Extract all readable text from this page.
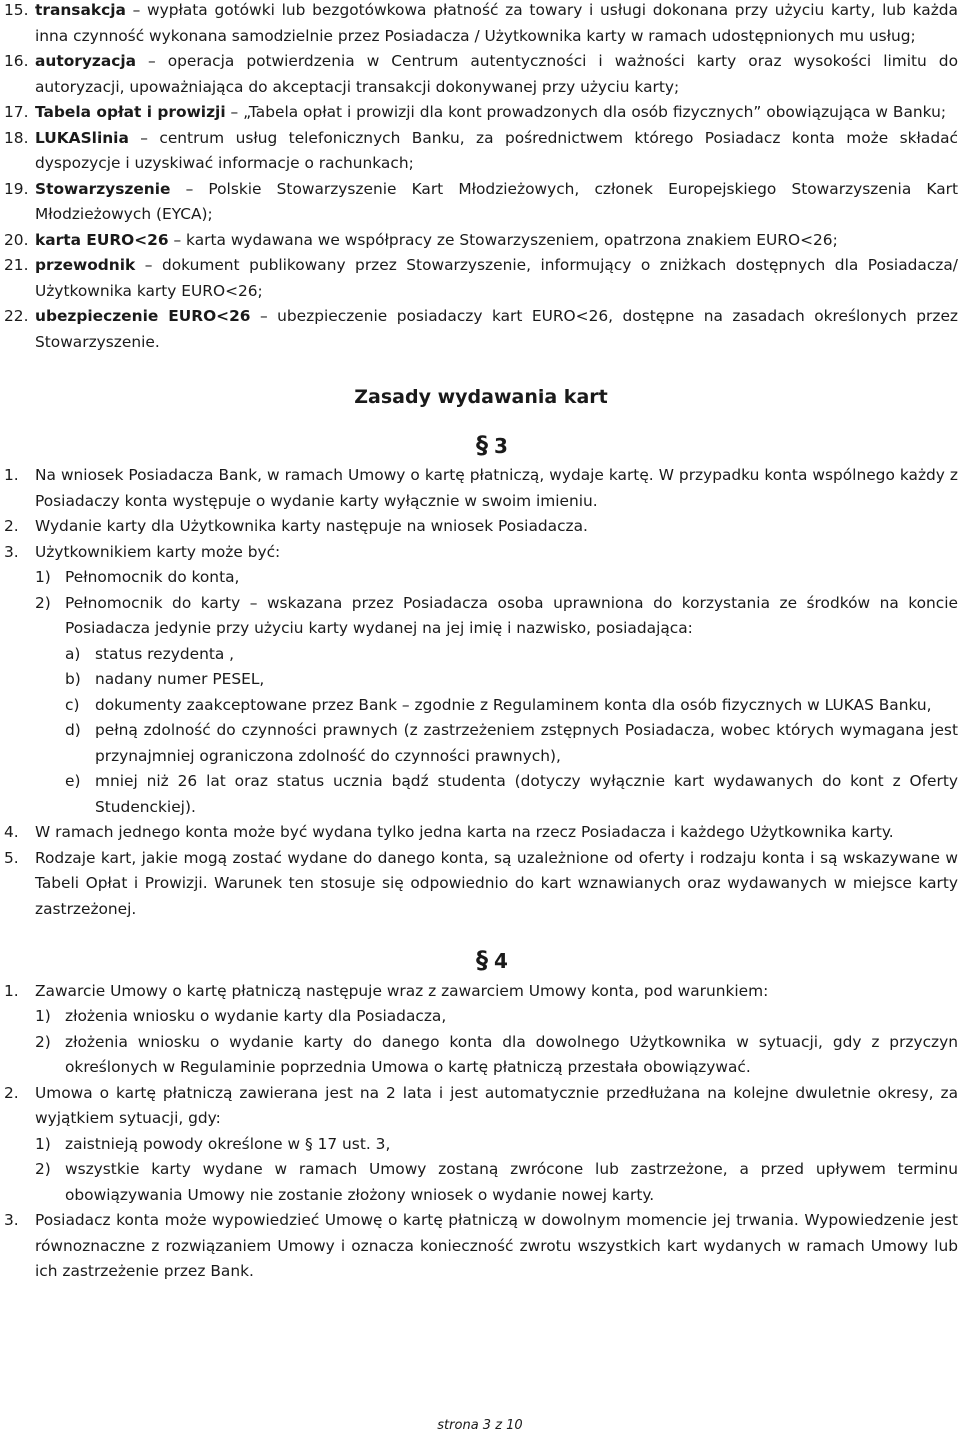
15. transakcja – wypłata gotówki lub bezgotówkowa płatność za towary i usługi dokonana przy użyciu karty, lub każda inna czynność wykonana samodzielnie przez Posiadacza / Użytkownika karty w ramach udostępnionych mu usług;
16. autoryzacja – operacja potwierdzenia w Centrum autentyczności i ważności karty oraz wysokości limitu do autoryzacji, upoważniająca do akceptacji transakcji dokonywanej przy użyciu karty;
17. Tabela opłat i prowizji – „Tabela opłat i prowizji dla kont prowadzonych dla osób fizycznych” obowiązująca w Banku;
18. LUKASlinia – centrum usług telefonicznych Banku, za pośrednictwem którego Posiadacz konta może składać dyspozycje i uzyskiwać informacje o rachunkach;
19. Stowarzyszenie – Polskie Stowarzyszenie Kart Młodzieżowych, członek Europejskiego Stowarzyszenia Kart Młodzieżowych (EYCA);
20. karta EURO<26 – karta wydawana we współpracy ze Stowarzyszeniem, opatrzona znakiem EURO<26;
21. przewodnik – dokument publikowany przez Stowarzyszenie, informujący o zniżkach dostępnych dla Posiadacza/ Użytkownika karty EURO<26;
22. ubezpieczenie EURO<26 – ubezpieczenie posiadaczy kart EURO<26, dostępne na zasadach określonych przez Stowarzyszenie.
Zasady wydawania kart
§ 3
1. Na wniosek Posiadacza Bank, w ramach Umowy o kartę płatniczą, wydaje kartę. W przypadku konta wspólnego każdy z Posiadaczy konta występuje o wydanie karty wyłącznie w swoim imieniu.
2. Wydanie karty dla Użytkownika karty następuje na wniosek Posiadacza.
3. Użytkownikiem karty może być:
1) Pełnomocnik do konta,
2) Pełnomocnik do karty – wskazana przez Posiadacza osoba uprawniona do korzystania ze środków na koncie Posiadacza jedynie przy użyciu karty wydanej na jej imię i nazwisko, posiadająca:
a) status rezydenta ,
b) nadany numer PESEL,
c) dokumenty zaakceptowane przez Bank – zgodnie z Regulaminem konta dla osób fizycznych w LUKAS Banku,
d) pełną zdolność do czynności prawnych (z zastrzeżeniem zstępnych Posiadacza, wobec których wymagana jest przynajmniej ograniczona zdolność do czynności prawnych),
e) mniej niż 26 lat oraz status ucznia bądź studenta (dotyczy wyłącznie kart wydawanych do kont z Oferty Studenckiej).
4. W ramach jednego konta może być wydana tylko jedna karta na rzecz Posiadacza i każdego Użytkownika karty.
5. Rodzaje kart, jakie mogą zostać wydane do danego konta, są uzależnione od oferty i rodzaju konta i są wskazywane w Tabeli Opłat i Prowizji. Warunek ten stosuje się odpowiednio do kart wznawianych oraz wydawanych w miejsce karty zastrzeżonej.
§ 4
1. Zawarcie Umowy o kartę płatniczą następuje wraz z zawarciem Umowy konta, pod warunkiem:
1) złożenia wniosku o wydanie karty dla Posiadacza,
2) złożenia wniosku o wydanie karty do danego konta dla dowolnego Użytkownika w sytuacji, gdy z przyczyn określonych w Regulaminie poprzednia Umowa o kartę płatniczą przestała obowiązywać.
2. Umowa o kartę płatniczą zawierana jest na 2 lata i jest automatycznie przedłużana na kolejne dwuletnie okresy, za wyjątkiem sytuacji, gdy:
1) zaistnieją powody określone w § 17 ust. 3,
2) wszystkie karty wydane w ramach Umowy zostaną zwrócone lub zastrzeżone, a przed upływem terminu obowiązywania Umowy nie zostanie złożony wniosek o wydanie nowej karty.
3. Posiadacz konta może wypowiedzieć Umowę o kartę płatniczą w dowolnym momencie jej trwania. Wypowiedzenie jest równoznaczne z rozwiązaniem Umowy i oznacza konieczność zwrotu wszystkich kart wydanych w ramach Umowy lub ich zastrzeżenie przez Bank.
strona 3 z 10
